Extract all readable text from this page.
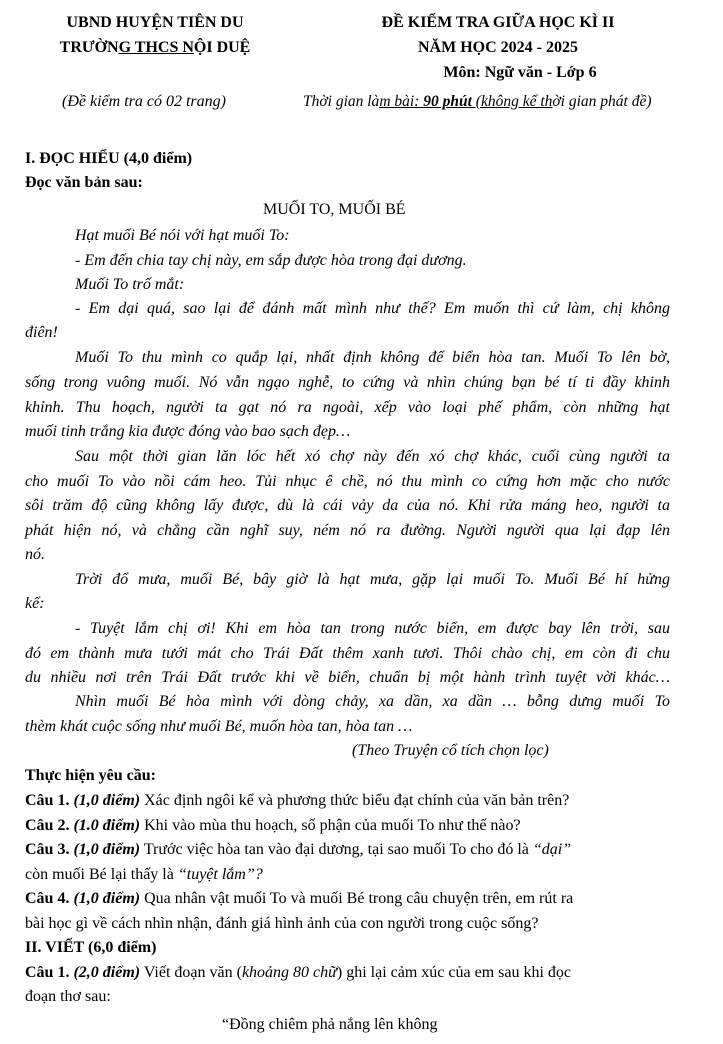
UBND HUYỆN TIÊN DU
TRƯỜNG THCS NỘI DUỆ
ĐỀ KIỂM TRA GIỮA HỌC KÌ II
NĂM HỌC 2024 - 2025
Môn: Ngữ văn - Lớp 6
(Đề kiểm tra có 02 trang)	Thời gian làm bài: 90 phút (không kể thời gian phát đề)
I. ĐỌC HIỂU (4,0 điểm)
Đọc văn bản sau:
MUỐI TO, MUỐI BÉ
Hạt muối Bé nói với hạt muối To:
- Em đến chia tay chị này, em sắp được hòa trong đại dương.
Muối To trố mắt:
- Em dại quá, sao lại để đánh mất mình như thế? Em muốn thì cứ làm, chị không
điên!
Muối To thu mình co quắp lại, nhất định không để biển hòa tan. Muối To lên bờ,
sống trong vuông muối. Nó vẫn ngạo nghễ, to cứng và nhìn chúng bạn bé tí ti đầy khinh
khỉnh. Thu hoạch, người ta gạt nó ra ngoài, xếp vào loại phế phẩm, còn những hạt
muối tinh trắng kia được đóng vào bao sạch đẹp…
Sau một thời gian lăn lóc hết xó chợ này đến xó chợ khác, cuối cùng người ta
cho muối To vào nồi cám heo. Tủi nhục ê chề, nó thu mình co cứng hơn mặc cho nước
sôi trăm độ cũng không lấy được, dù là cái vảy da của nó. Khi rửa máng heo, người ta
phát hiện nó, và chẳng cần nghĩ suy, ném nó ra đường. Người người qua lại đạp lên
nó.
Trời đổ mưa, muối Bé, bây giờ là hạt mưa, gặp lại muối To. Muối Bé hí hửng
kể:
- Tuyệt lắm chị ơi! Khi em hòa tan trong nước biển, em được bay lên trời, sau
đó em thành mưa tưới mát cho Trái Đất thêm xanh tươi. Thôi chào chị, em còn đi chu
du nhiều nơi trên Trái Đất trước khi về biển, chuẩn bị một hành trình tuyệt vời khác…
Nhìn muối Bé hòa mình với dòng chảy, xa dần, xa dần … bỗng dưng muối To
thèm khát cuộc sống như muối Bé, muốn hòa tan, hòa tan …
(Theo Truyện cổ tích chọn lọc)
Thực hiện yêu cầu:
Câu 1. (1,0 điểm) Xác định ngôi kể và phương thức biểu đạt chính của văn bản trên?
Câu 2. (1.0 điểm) Khi vào mùa thu hoạch, số phận của muối To như thế nào?
Câu 3. (1,0 điểm) Trước việc hòa tan vào đại dương, tại sao muối To cho đó là “dại”
còn muối Bé lại thấy là “tuyệt lắm”?
Câu 4. (1,0 điểm) Qua nhân vật muối To và muối Bé trong câu chuyện trên, em rút ra
bài học gì về cách nhìn nhận, đánh giá hình ảnh của con người trong cuộc sống?
II. VIẾT (6,0 điểm)
Câu 1. (2,0 điểm) Viết đoạn văn (khoảng 80 chữ) ghi lại cảm xúc của em sau khi đọc
đoạn thơ sau:
“Đồng chiêm phả nắng lên không
